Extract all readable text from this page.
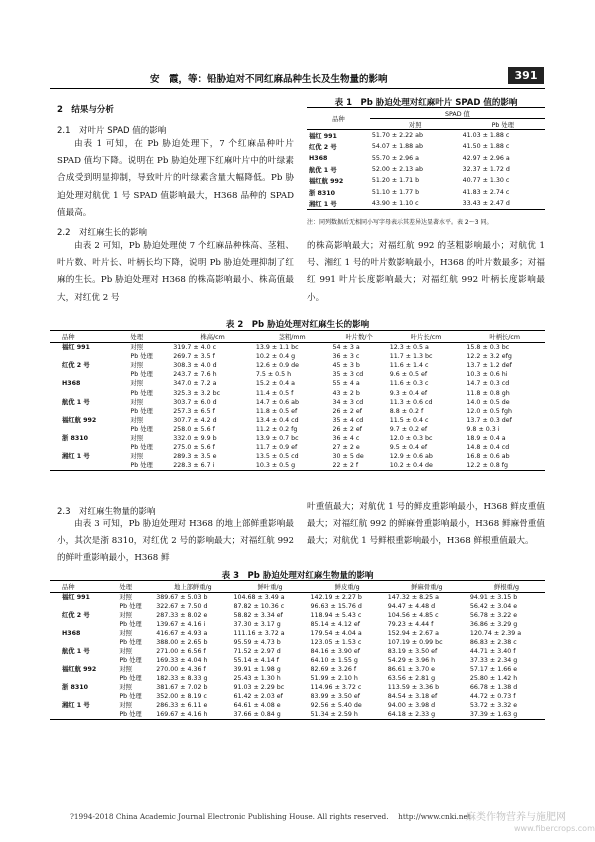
安　霞，等：铅胁迫对不同红麻品种生长及生物量的影响	391
2　结果与分析
2.1　对叶片 SPAD 值的影响
由表 1 可知，在 Pb 胁迫处理下，7 个红麻品种叶片 SPAD 值均下降。说明在 Pb 胁迫处理下红麻叶片中的叶绿素合成受到明显抑制，导致叶片的叶绿素含量大幅降低。Pb 胁迫处理对航优 1 号 SPAD 值影响最大，H368 品种的 SPAD 值最高。
2.2　对红麻生长的影响
由表 2 可知，Pb 胁迫处理使 7 个红麻品种株高、茎粗、叶片数、叶片长、叶柄长均下降，说明 Pb 胁迫处理抑制了红麻的生长。Pb 胁迫处理对 H368 的株高影响最小、株高值最大，对红优 2 号
表 1　Pb 胁迫处理对红麻叶片 SPAD 值的影响
品种	SPAD 值	
	对照	Pb 处理
福红 991	51.70 ± 2.22 ab	41.03 ± 1.88 c
红优 2 号	54.07 ± 1.88 ab	41.50 ± 1.88 c
H368	55.70 ± 2.96 a	42.97 ± 2.96 a
航优 1 号	52.00 ± 2.13 ab	32.37 ± 1.72 d
福红航 992	51.20 ± 1.71 b	40.77 ± 1.30 c
浙 8310	51.10 ± 1.77 b	41.83 ± 2.74 c
湘红 1 号	43.90 ± 1.10 c	33.43 ± 2.47 d
注：同列数据后无相同小写字母表示其差异达显著水平。表 2～3 同。
的株高影响最大；对福红航 992 的茎粗影响最小；对航优 1 号、湘红 1 号的叶片数影响最小，H368 的叶片数最多；对福红 991 叶片长度影响最大；对福红航 992 叶柄长度影响最小。
表 2　Pb 胁迫处理对红麻生长的影响
品种	处理	株高/cm	茎粗/mm	叶片数/个	叶片长/cm	叶柄长/cm
福红 991	对照	319.7 ± 4.0 c	13.9 ± 1.1 bc	54 ± 3 a	12.3 ± 0.5 a	15.8 ± 0.3 bc
	Pb 处理	269.7 ± 3.5 f	10.2 ± 0.4 g	36 ± 3 c	11.7 ± 1.3 bc	12.2 ± 3.2 efg
红优 2 号	对照	308.3 ± 4.0 d	12.6 ± 0.9 de	45 ± 3 b	11.6 ± 1.4 c	13.7 ± 1.2 def
	Pb 处理	243.7 ± 7.6 h	7.5 ± 0.5 h	35 ± 3 cd	9.6 ± 0.5 ef	10.3 ± 0.6 hi
H368	对照	347.0 ± 7.2 a	15.2 ± 0.4 a	55 ± 4 a	11.6 ± 0.3 c	14.7 ± 0.3 cd
	Pb 处理	325.3 ± 3.2 bc	11.4 ± 0.5 f	43 ± 2 b	9.3 ± 0.4 ef	11.8 ± 0.8 gh
航优 1 号	对照	303.7 ± 6.0 d	14.7 ± 0.6 ab	34 ± 3 cd	11.3 ± 0.6 cd	14.0 ± 0.5 de
	Pb 处理	257.3 ± 6.5 f	11.8 ± 0.5 ef	26 ± 2 ef	8.8 ± 0.2 f	12.0 ± 0.5 fgh
福红航 992	对照	307.7 ± 4.2 d	13.4 ± 0.4 cd	35 ± 4 cd	11.5 ± 0.4 c	13.7 ± 0.3 def
	Pb 处理	258.0 ± 5.6 f	11.2 ± 0.2 fg	26 ± 2 ef	9.7 ± 0.2 ef	9.8 ± 0.3 i
浙 8310	对照	332.0 ± 9.9 b	13.9 ± 0.7 bc	36 ± 4 c	12.0 ± 0.3 bc	18.9 ± 0.4 a
	Pb 处理	275.0 ± 5.6 f	11.7 ± 0.9 ef	27 ± 2 e	9.5 ± 0.4 ef	14.8 ± 0.4 cd
湘红 1 号	对照	289.3 ± 3.5 e	13.5 ± 0.5 cd	30 ± 5 de	12.9 ± 0.6 ab	16.8 ± 0.6 ab
	Pb 处理	228.3 ± 6.7 i	10.3 ± 0.5 g	22 ± 2 f	10.2 ± 0.4 de	12.2 ± 0.8 fg
2.3　对红麻生物量的影响
由表 3 可知，Pb 胁迫处理对 H368 的地上部鲜重影响最小，其次是浙 8310，对红优 2 号的影响最大；对福红航 992 的鲜叶重影响最小，H368 鲜
叶重值最大；对航优 1 号的鲜皮重影响最小，H368 鲜皮重值最大；对福红航 992 的鲜麻骨重影响最小，H368 鲜麻骨重值最大；对航优 1 号鲜根重影响最小，H368 鲜根重值最大。
表 3　Pb 胁迫处理对红麻生物量的影响
品种	处理	地上部鲜重/g	鲜叶重/g	鲜皮重/g	鲜麻骨重/g	鲜根重/g
福红 991	对照	389.67 ± 5.03 b	104.68 ± 3.49 a	142.19 ± 2.27 b	147.32 ± 8.25 a	94.91 ± 3.15 b
	Pb 处理	322.67 ± 7.50 d	87.82 ± 10.36 c	96.63 ± 15.76 d	94.47 ± 4.48 d	56.42 ± 3.04 e
红优 2 号	对照	287.33 ± 8.02 e	58.82 ± 3.34 ef	118.94 ± 5.43 c	104.56 ± 4.85 c	56.78 ± 3.22 e
	Pb 处理	139.67 ± 4.16 i	37.30 ± 3.17 g	85.14 ± 4.12 ef	79.23 ± 4.44 f	36.86 ± 3.29 g
H368	对照	416.67 ± 4.93 a	111.16 ± 3.72 a	179.54 ± 4.04 a	152.94 ± 2.67 a	120.74 ± 2.39 a
	Pb 处理	388.00 ± 2.65 b	95.59 ± 4.73 b	123.05 ± 1.53 c	107.19 ± 0.99 bc	86.83 ± 2.38 c
航优 1 号	对照	271.00 ± 6.56 f	71.52 ± 2.97 d	84.16 ± 3.90 ef	83.19 ± 3.50 ef	44.71 ± 3.40 f
	Pb 处理	169.33 ± 4.04 h	55.14 ± 4.14 f	64.10 ± 1.55 g	54.29 ± 3.96 h	37.33 ± 2.34 g
福红航 992	对照	270.00 ± 4.36 f	39.91 ± 1.98 g	82.69 ± 3.26 f	86.61 ± 3.70 e	57.17 ± 1.66 e
	Pb 处理	182.33 ± 8.33 g	25.43 ± 1.30 h	51.99 ± 2.10 h	63.56 ± 2.81 g	25.80 ± 1.42 h
浙 8310	对照	381.67 ± 7.02 b	91.03 ± 2.29 bc	114.96 ± 3.72 c	113.59 ± 3.36 b	66.78 ± 1.38 d
	Pb 处理	352.00 ± 8.19 c	61.42 ± 2.03 ef	83.99 ± 3.50 ef	84.54 ± 3.18 ef	44.72 ± 0.73 f
湘红 1 号	对照	286.33 ± 6.11 e	64.61 ± 4.08 e	92.56 ± 5.40 de	94.00 ± 3.98 d	53.72 ± 3.32 e
	Pb 处理	169.67 ± 4.16 h	37.66 ± 0.84 g	51.34 ± 2.59 h	64.18 ± 2.33 g	37.39 ± 1.63 g
?1994-2018 China Academic Journal Electronic Publishing House. All rights reserved.　 http://www.cnki.net
麻类作物营养与施肥网
www.fibercrops.com
